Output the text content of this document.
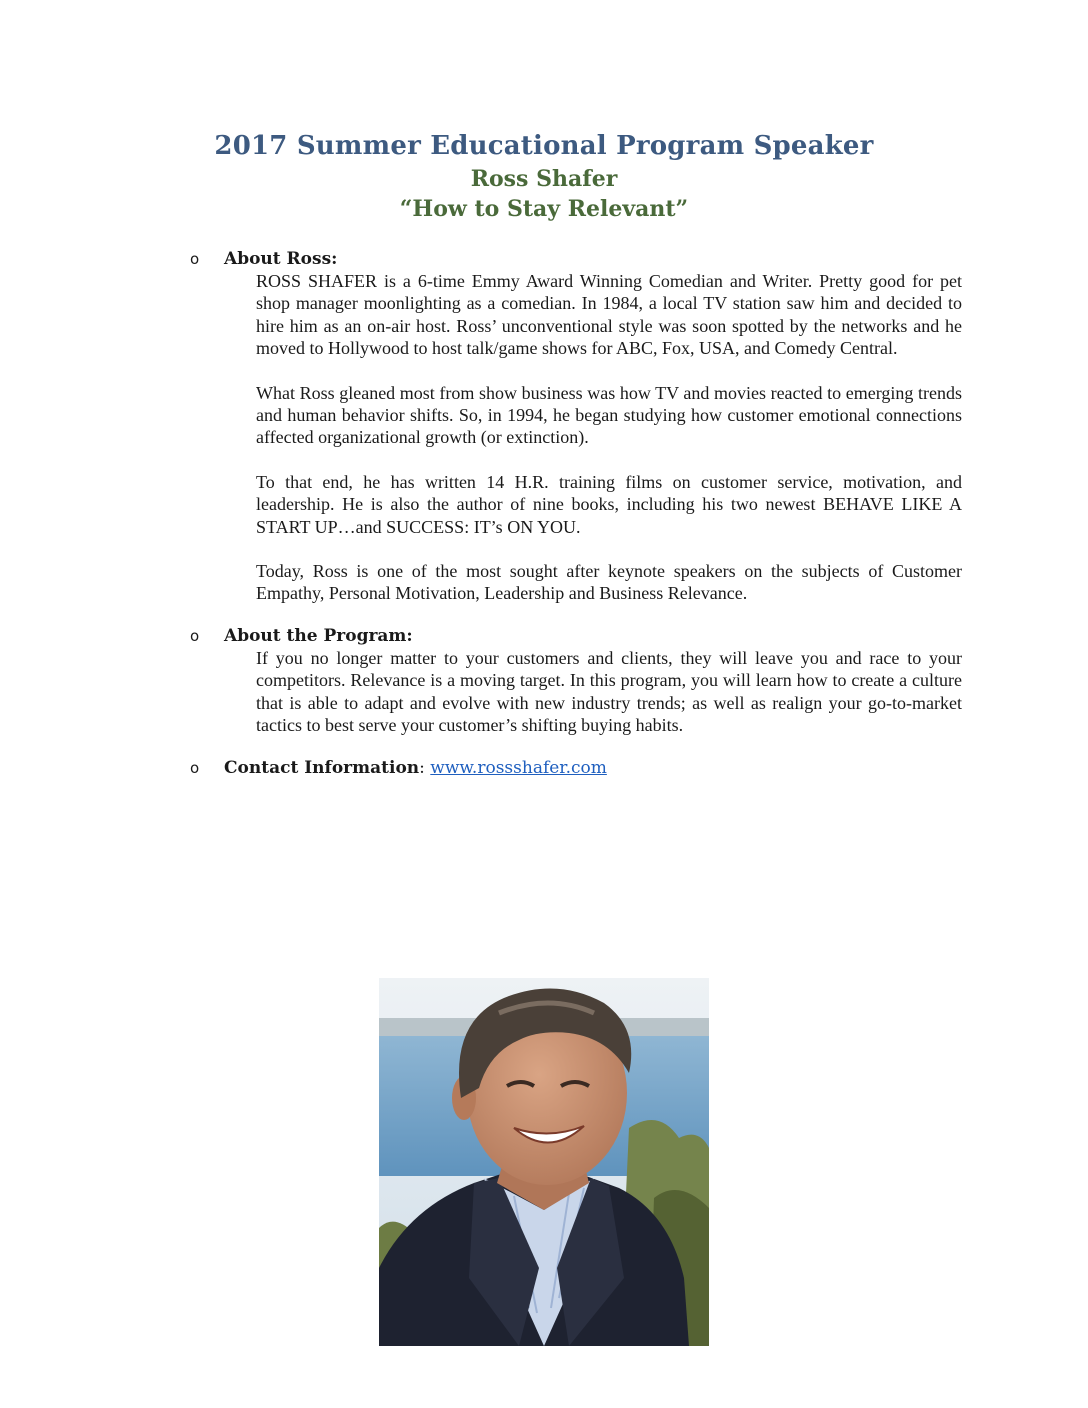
2017 Summer Educational Program Speaker
Ross Shafer
“How to Stay Relevant”
o About Ross:

ROSS SHAFER is a 6-time Emmy Award Winning Comedian and Writer. Pretty good for pet shop manager moonlighting as a comedian. In 1984, a local TV station saw him and decided to hire him as an on-air host. Ross’ unconventional style was soon spotted by the networks and he moved to Hollywood to host talk/game shows for ABC, Fox, USA, and Comedy Central.

What Ross gleaned most from show business was how TV and movies reacted to emerging trends and human behavior shifts. So, in 1994, he began studying how customer emotional connections affected organizational growth (or extinction).

To that end, he has written 14 H.R. training films on customer service, motivation, and leadership. He is also the author of nine books, including his two newest BEHAVE LIKE A START UP…and SUCCESS: IT’s ON YOU.

Today, Ross is one of the most sought after keynote speakers on the subjects of Customer Empathy, Personal Motivation, Leadership and Business Relevance.

o About the Program:

If you no longer matter to your customers and clients, they will leave you and race to your competitors. Relevance is a moving target. In this program, you will learn how to create a culture that is able to adapt and evolve with new industry trends; as well as realign your go-to-market tactics to best serve your customer’s shifting buying habits.

o Contact Information: www.rossshafer.com
